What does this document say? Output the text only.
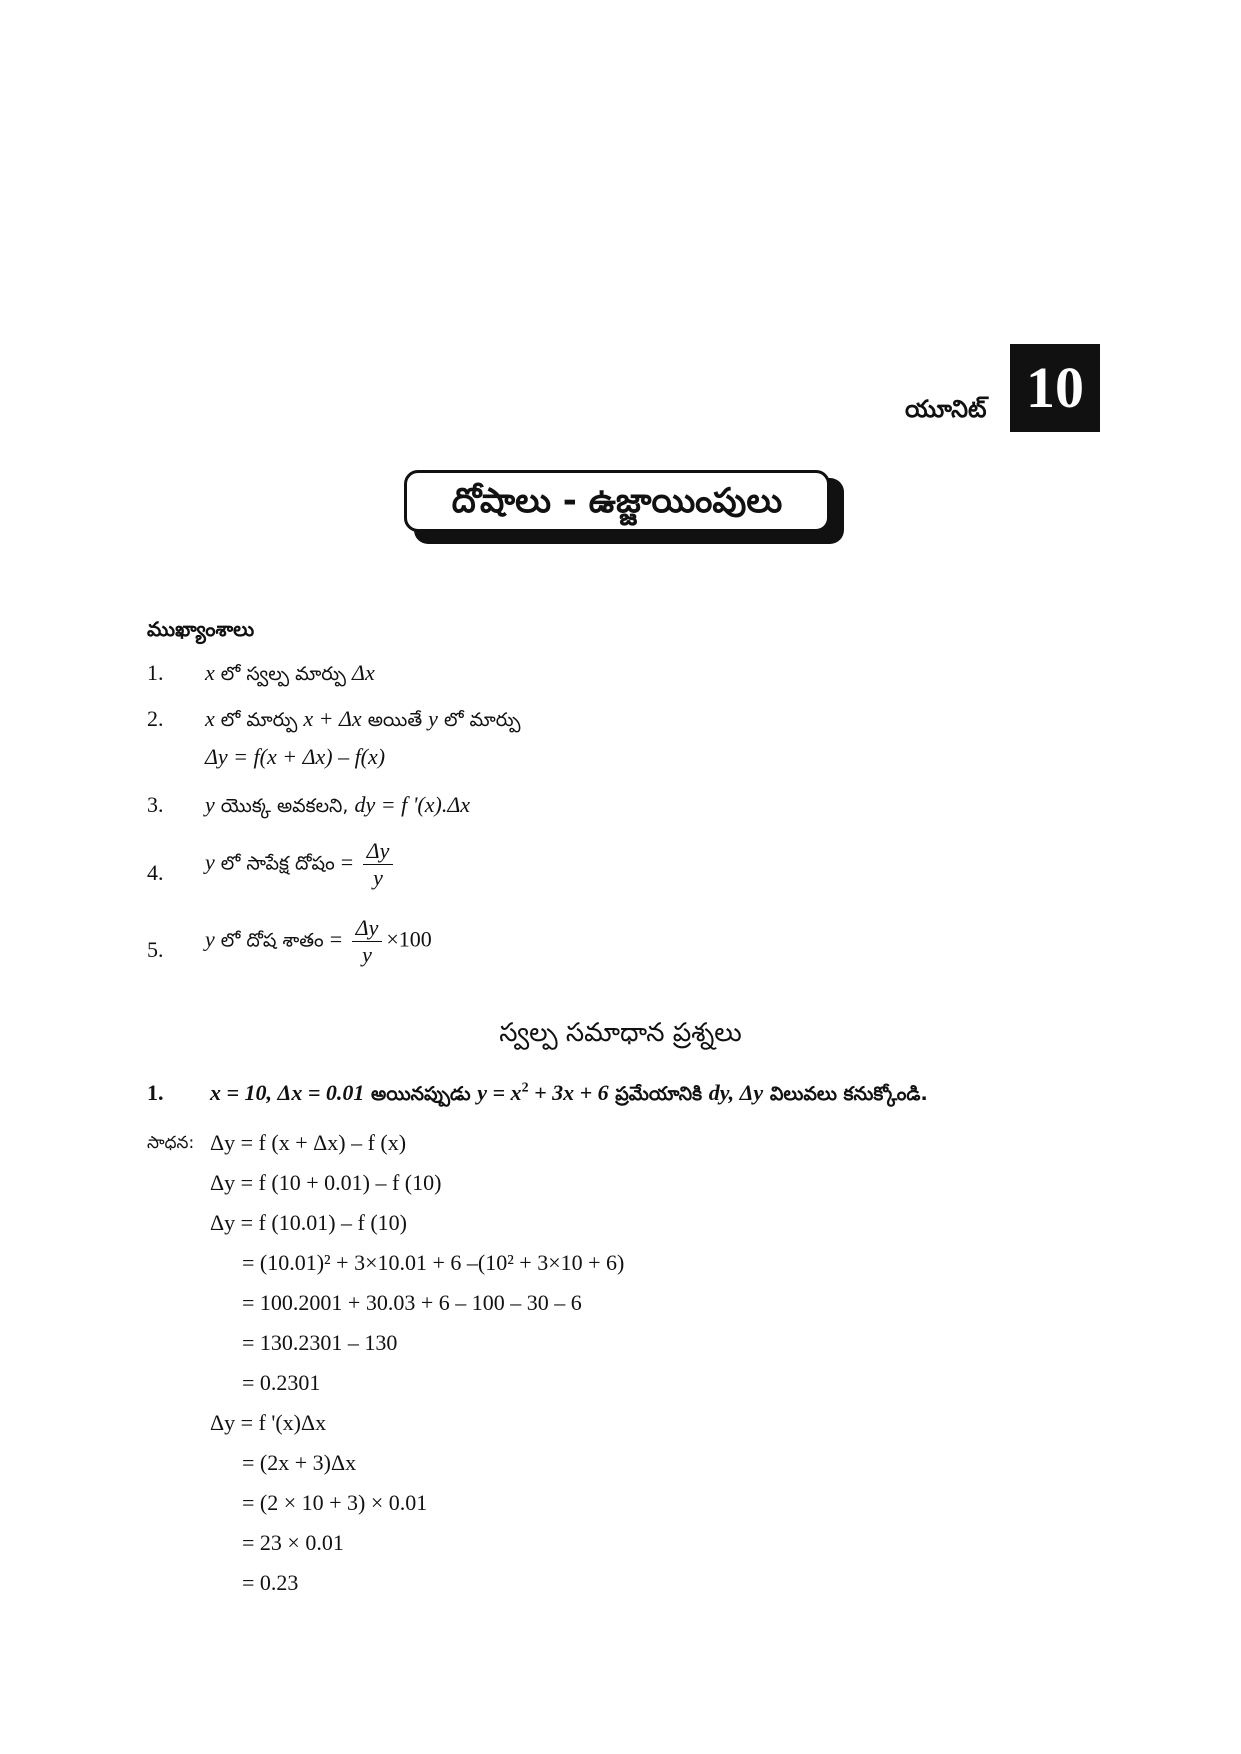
యూనిట్ 10
దోషాలు - ఉజ్జాయింపులు
ముఖ్యాంశాలు
1. x లో స్వల్ప మార్పు Δx
2. x లో మార్పు x + Δx అయితే y లో మార్పు
Δy = f(x + Δx) – f(x)
3. y యొక్క అవకలని, dy = f '(x).Δx
4. y లో సాపేక్ష దోషం = $\frac{\Delta y}{y}$
5. y లో దోష శాతం = $\frac{\Delta y}{y} \times 100$
స్వల్ప సమాధాన ప్రశ్నలు
1. x = 10, Δx = 0.01 అయినప్పుడు $y = x^2 + 3x + 6$ ప్రమేయానికి dy, Δy విలువలు కనుక్కోండి.
సాధన: Δy = f (x + Δx) – f (x)
Δy = f (10 + 0.01) – f (10)
Δy = f (10.01) – f (10)
= (10.01)² + 3×10.01 + 6 –(10² + 3×10 + 6)
= 100.2001 + 30.03 + 6 – 100 – 30 – 6
= 130.2301 – 130
= 0.2301
Δy = f '(x)Δx
= (2x + 3)Δx
= (2 × 10 + 3) × 0.01
= 23 × 0.01
= 0.23
